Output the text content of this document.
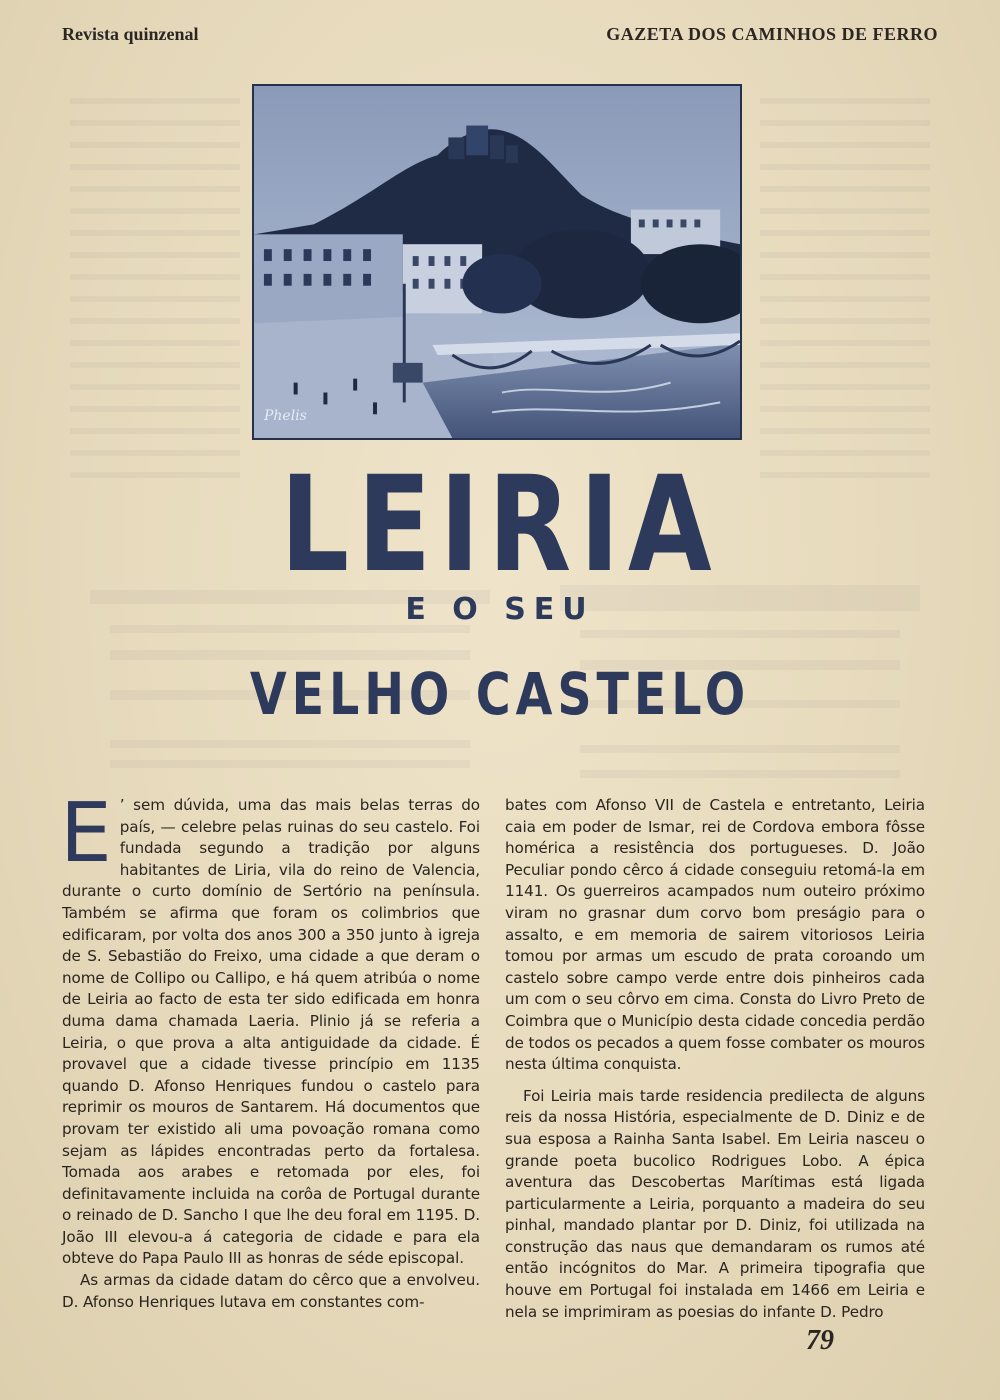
Revista quinzenal	GAZETA DOS CAMINHOS DE FERRO
Phelis
LEIRIA
E O SEU
VELHO CASTELO
E ’ sem dúvida, uma das mais belas terras do país, — celebre pelas ruinas do seu castelo. Foi fundada segundo a tradição por alguns habitantes de Liria, vila do reino de Valencia, durante o curto domínio de Sertório na península. Também se afirma que foram os colimbrios que edificaram, por volta dos anos 300 a 350 junto à igreja de S. Sebastião do Freixo, uma cidade a que deram o nome de Collipo ou Callipo, e há quem atribúa o nome de Leiria ao facto de esta ter sido edificada em honra duma dama chamada Laeria. Plinio já se referia a Leiria, o que prova a alta antiguidade da cidade. É provavel que a cidade tivesse princípio em 1135 quando D. Afonso Henriques fundou o castelo para reprimir os mouros de Santarem. Há documentos que provam ter existido ali uma povoação romana como sejam as lápides encontradas perto da fortalesa. Tomada aos arabes e retomada por eles, foi definitavamente incluida na corôa de Portugal durante o reinado de D. Sancho I que lhe deu foral em 1195. D. João III elevou-a á categoria de cidade e para ela obteve do Papa Paulo III as honras de séde episcopal.

As armas da cidade datam do cêrco que a envolveu. D. Afonso Henriques lutava em constantes com-

bates com Afonso VII de Castela e entretanto, Leiria caia em poder de Ismar, rei de Cordova embora fôsse homérica a resistência dos portugueses. D. João Peculiar pondo cêrco á cidade conseguiu retomá-la em 1141. Os guerreiros acampados num outeiro próximo viram no grasnar dum corvo bom preságio para o assalto, e em memoria de sairem vitoriosos Leiria tomou por armas um escudo de prata coroando um castelo sobre campo verde entre dois pinheiros cada um com o seu côrvo em cima. Consta do Livro Preto de Coimbra que o Município desta cidade concedia perdão de todos os pecados a quem fosse combater os mouros nesta última conquista.

Foi Leiria mais tarde residencia predilecta de alguns reis da nossa História, especialmente de D. Diniz e de sua esposa a Rainha Santa Isabel. Em Leiria nasceu o grande poeta bucolico Rodrigues Lobo. A épica aventura das Descobertas Marítimas está ligada particularmente a Leiria, porquanto a madeira do seu pinhal, mandado plantar por D. Diniz, foi utilizada na construção das naus que demandaram os rumos até então incógnitos do Mar. A primeira tipografia que houve em Portugal foi instalada em 1466 em Leiria e nela se imprimiram as poesias do infante D. Pedro

79
